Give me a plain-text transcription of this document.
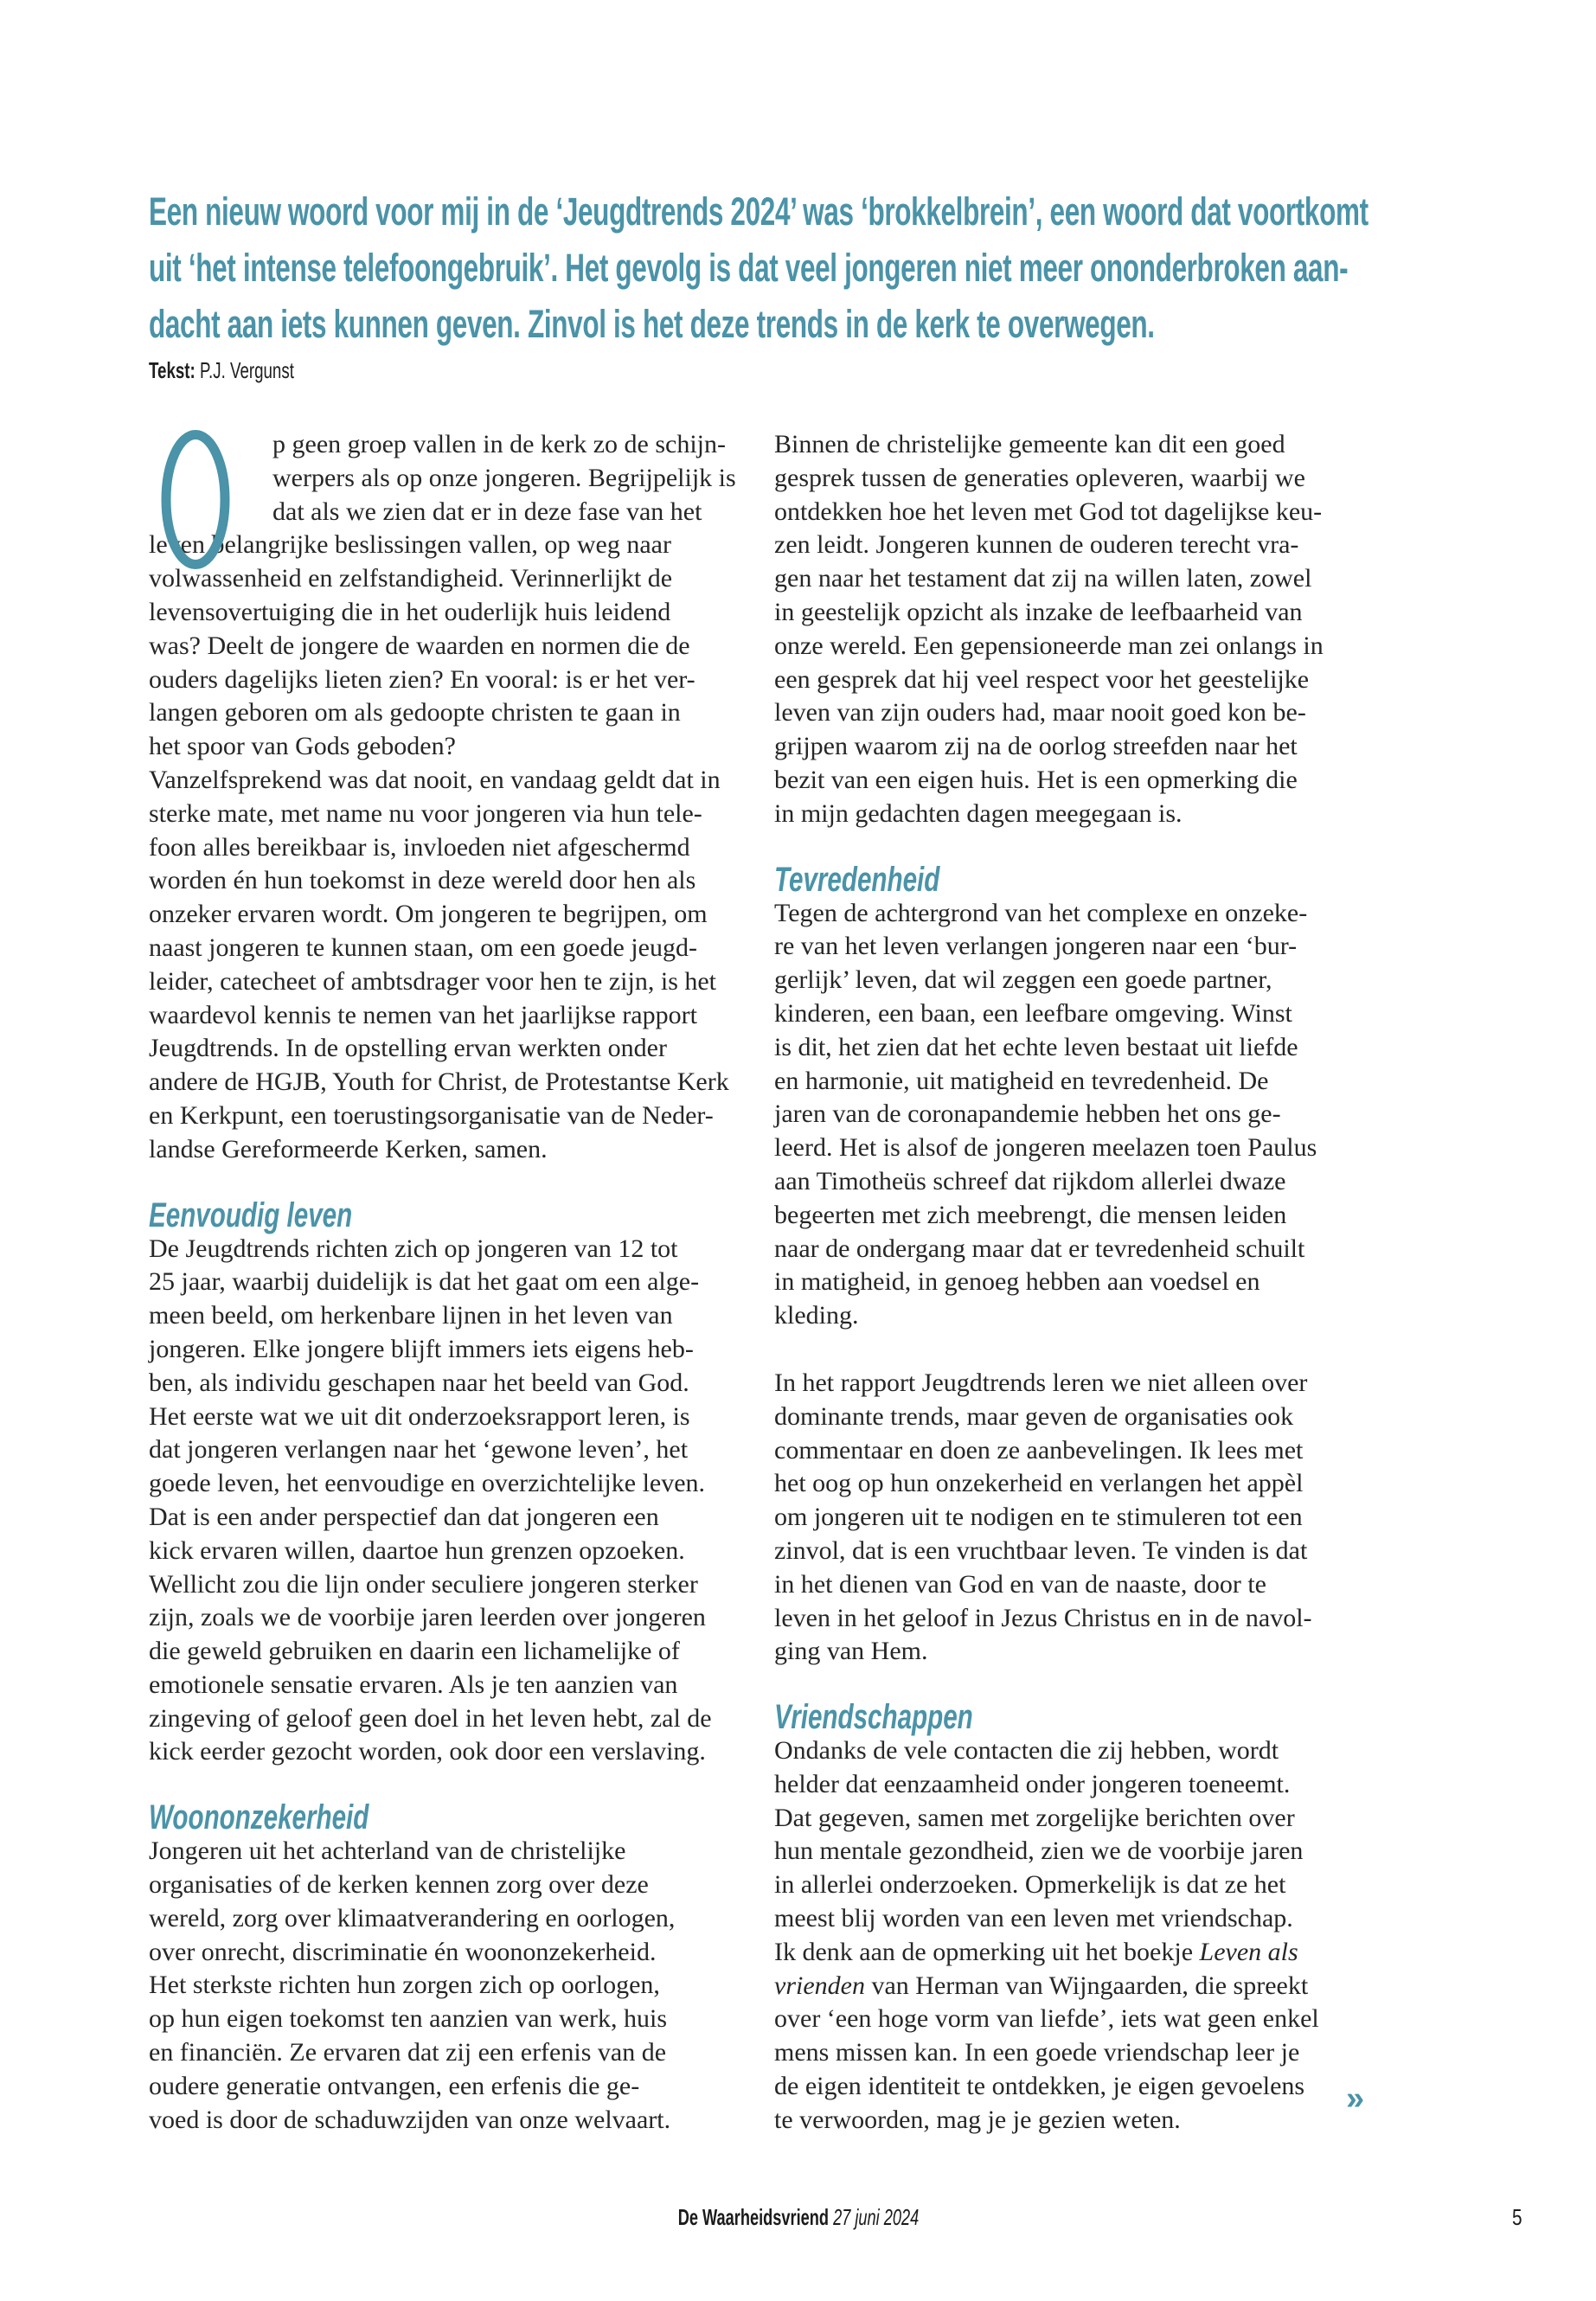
Een nieuw woord voor mij in de ‘Jeugdtrends 2024’ was ‘brokkelbrein’, een woord dat voortkomt
uit ‘het intense telefoongebruik’. Het gevolg is dat veel jongeren niet meer ononderbroken aan-
dacht aan iets kunnen geven. Zinvol is het deze trends in de kerk te overwegen.
Tekst: P.J. Vergunst
p geen groep vallen in de kerk zo de schijn-
werpers als op onze jongeren. Begrijpelijk is
dat als we zien dat er in deze fase van het
leven belangrijke beslissingen vallen, op weg naar
volwassenheid en zelfstandigheid. Verinnerlijkt de
levensovertuiging die in het ouderlijk huis leidend
was? Deelt de jongere de waarden en normen die de
ouders dagelijks lieten zien? En vooral: is er het ver-
langen geboren om als gedoopte christen te gaan in
het spoor van Gods geboden?
Vanzelfsprekend was dat nooit, en vandaag geldt dat in
sterke mate, met name nu voor jongeren via hun tele-
foon alles bereikbaar is, invloeden niet afgeschermd
worden én hun toekomst in deze wereld door hen als
onzeker ervaren wordt. Om jongeren te begrijpen, om
naast jongeren te kunnen staan, om een goede jeugd-
leider, catecheet of ambtsdrager voor hen te zijn, is het
waardevol kennis te nemen van het jaarlijkse rapport
Jeugdtrends. In de opstelling ervan werkten onder
andere de HGJB, Youth for Christ, de Protestantse Kerk
en Kerkpunt, een toerustingsorganisatie van de Neder-
landse Gereformeerde Kerken, samen.
Eenvoudig leven
De Jeugdtrends richten zich op jongeren van 12 tot
25 jaar, waarbij duidelijk is dat het gaat om een alge-
meen beeld, om herkenbare lijnen in het leven van
jongeren. Elke jongere blijft immers iets eigens heb-
ben, als individu geschapen naar het beeld van God.
Het eerste wat we uit dit onderzoeksrapport leren, is
dat jongeren verlangen naar het ‘gewone leven’, het
goede leven, het eenvoudige en overzichtelijke leven.
Dat is een ander perspectief dan dat jongeren een
kick ervaren willen, daartoe hun grenzen opzoeken.
Wellicht zou die lijn onder seculiere jongeren sterker
zijn, zoals we de voorbije jaren leerden over jongeren
die geweld gebruiken en daarin een lichamelijke of
emotionele sensatie ervaren. Als je ten aanzien van
zingeving of geloof geen doel in het leven hebt, zal de
kick eerder gezocht worden, ook door een verslaving.
Woononzekerheid
Jongeren uit het achterland van de christelijke
organisaties of de kerken kennen zorg over deze
wereld, zorg over klimaatverandering en oorlogen,
over onrecht, discriminatie én woononzekerheid.
Het sterkste richten hun zorgen zich op oorlogen,
op hun eigen toekomst ten aanzien van werk, huis
en financiën. Ze ervaren dat zij een erfenis van de
oudere generatie ontvangen, een erfenis die ge-
voed is door de schaduwzijden van onze welvaart.
Binnen de christelijke gemeente kan dit een goed
gesprek tussen de generaties opleveren, waarbij we
ontdekken hoe het leven met God tot dagelijkse keu-
zen leidt. Jongeren kunnen de ouderen terecht vra-
gen naar het testament dat zij na willen laten, zowel
in geestelijk opzicht als inzake de leefbaarheid van
onze wereld. Een gepensioneerde man zei onlangs in
een gesprek dat hij veel respect voor het geestelijke
leven van zijn ouders had, maar nooit goed kon be-
grijpen waarom zij na de oorlog streefden naar het
bezit van een eigen huis. Het is een opmerking die
in mijn gedachten dagen meegegaan is.
Tevredenheid
Tegen de achtergrond van het complexe en onzeke-
re van het leven verlangen jongeren naar een ‘bur-
gerlijk’ leven, dat wil zeggen een goede partner,
kinderen, een baan, een leefbare omgeving. Winst
is dit, het zien dat het echte leven bestaat uit liefde
en harmonie, uit matigheid en tevredenheid. De
jaren van de coronapandemie hebben het ons ge-
leerd. Het is alsof de jongeren meelazen toen Paulus
aan Timotheüs schreef dat rijkdom allerlei dwaze
begeerten met zich meebrengt, die mensen leiden
naar de ondergang maar dat er tevredenheid schuilt
in matigheid, in genoeg hebben aan voedsel en
kleding.
In het rapport Jeugdtrends leren we niet alleen over
dominante trends, maar geven de organisaties ook
commentaar en doen ze aanbevelingen. Ik lees met
het oog op hun onzekerheid en verlangen het appèl
om jongeren uit te nodigen en te stimuleren tot een
zinvol, dat is een vruchtbaar leven. Te vinden is dat
in het dienen van God en van de naaste, door te
leven in het geloof in Jezus Christus en in de navol-
ging van Hem.
Vriendschappen
Ondanks de vele contacten die zij hebben, wordt
helder dat eenzaamheid onder jongeren toeneemt.
Dat gegeven, samen met zorgelijke berichten over
hun mentale gezondheid, zien we de voorbije jaren
in allerlei onderzoeken. Opmerkelijk is dat ze het
meest blij worden van een leven met vriendschap.
Ik denk aan de opmerking uit het boekje Leven als
vrienden van Herman van Wijngaarden, die spreekt
over ‘een hoge vorm van liefde’, iets wat geen enkel
mens missen kan. In een goede vriendschap leer je
de eigen identiteit te ontdekken, je eigen gevoelens
te verwoorden, mag je je gezien weten.
»
De Waarheidsvriend 27 juni 2024	5
